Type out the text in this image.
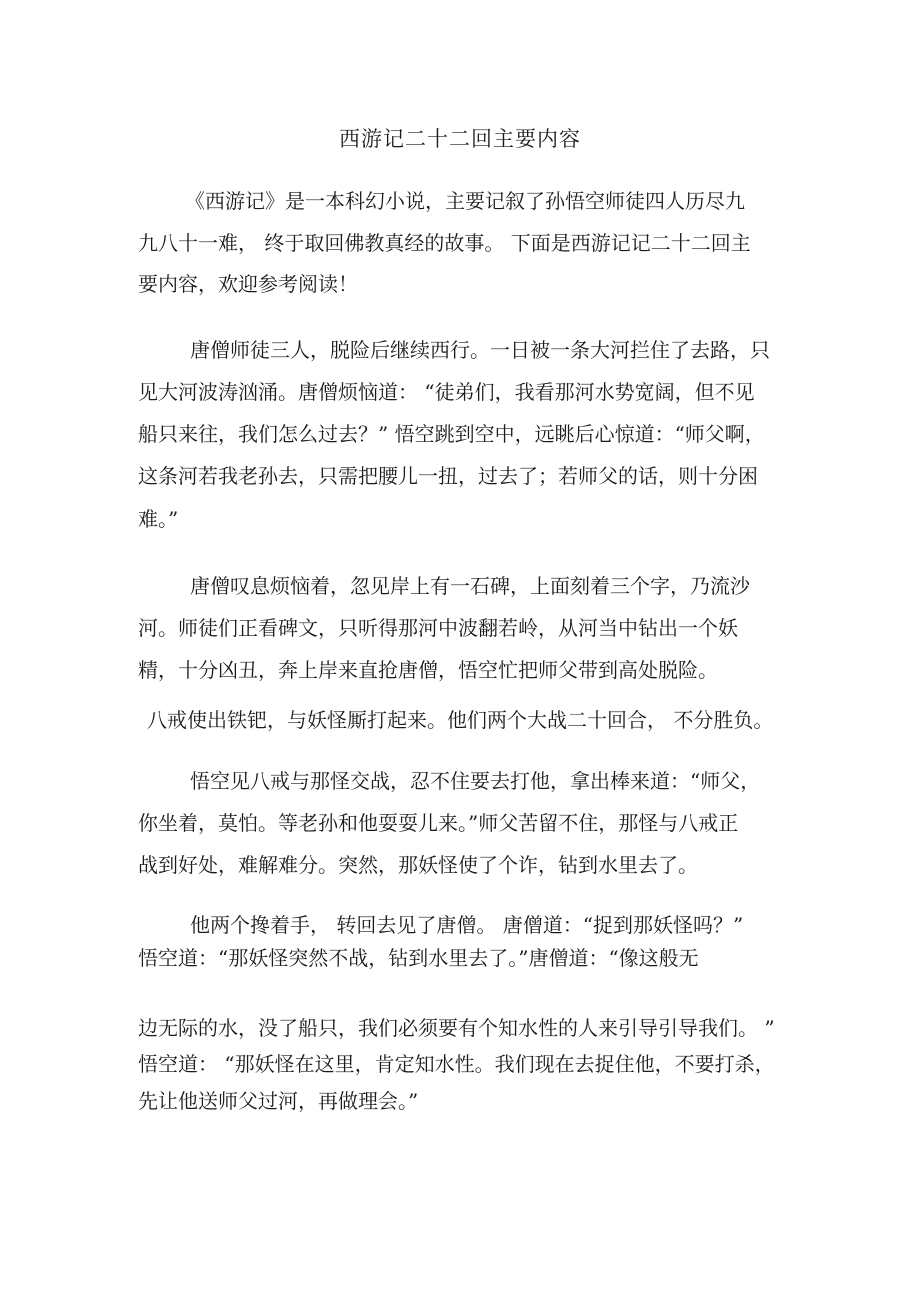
西游记二十二回主要内容
《西游记》是一本科幻小说，主要记叙了孙悟空师徒四人历尽九
九八十一难， 终于取回佛教真经的故事。 下面是西游记记二十二回主
要内容，欢迎参考阅读！
唐僧师徒三人，脱险后继续西行。一日被一条大河拦住了去路，只
见大河波涛汹涌。唐僧烦恼道： “徒弟们，我看那河水势宽阔，但不见
船只来往，我们怎么过去？” 悟空跳到空中，远眺后心惊道：“师父啊，
这条河若我老孙去，只需把腰儿一扭，过去了；若师父的话，则十分困
难。”
唐僧叹息烦恼着，忽见岸上有一石碑，上面刻着三个字，乃流沙
河。师徒们正看碑文，只听得那河中波翻若岭，从河当中钻出一个妖
精，十分凶丑，奔上岸来直抢唐僧，悟空忙把师父带到高处脱险。
八戒使出铁钯，与妖怪厮打起来。他们两个大战二十回合， 不分胜负。
悟空见八戒与那怪交战，忍不住要去打他，拿出棒来道：“师父，
你坐着，莫怕。等老孙和他耍耍儿来。”师父苦留不住，那怪与八戒正
战到好处，难解难分。突然，那妖怪使了个诈，钻到水里去了。
他两个搀着手， 转回去见了唐僧。 唐僧道：“捉到那妖怪吗？”
悟空道：“那妖怪突然不战，钻到水里去了。”唐僧道：“像这般无
边无际的水，没了船只，我们必须要有个知水性的人来引导引导我们。 ”
悟空道： “那妖怪在这里，肯定知水性。我们现在去捉住他，不要打杀，
先让他送师父过河，再做理会。”
